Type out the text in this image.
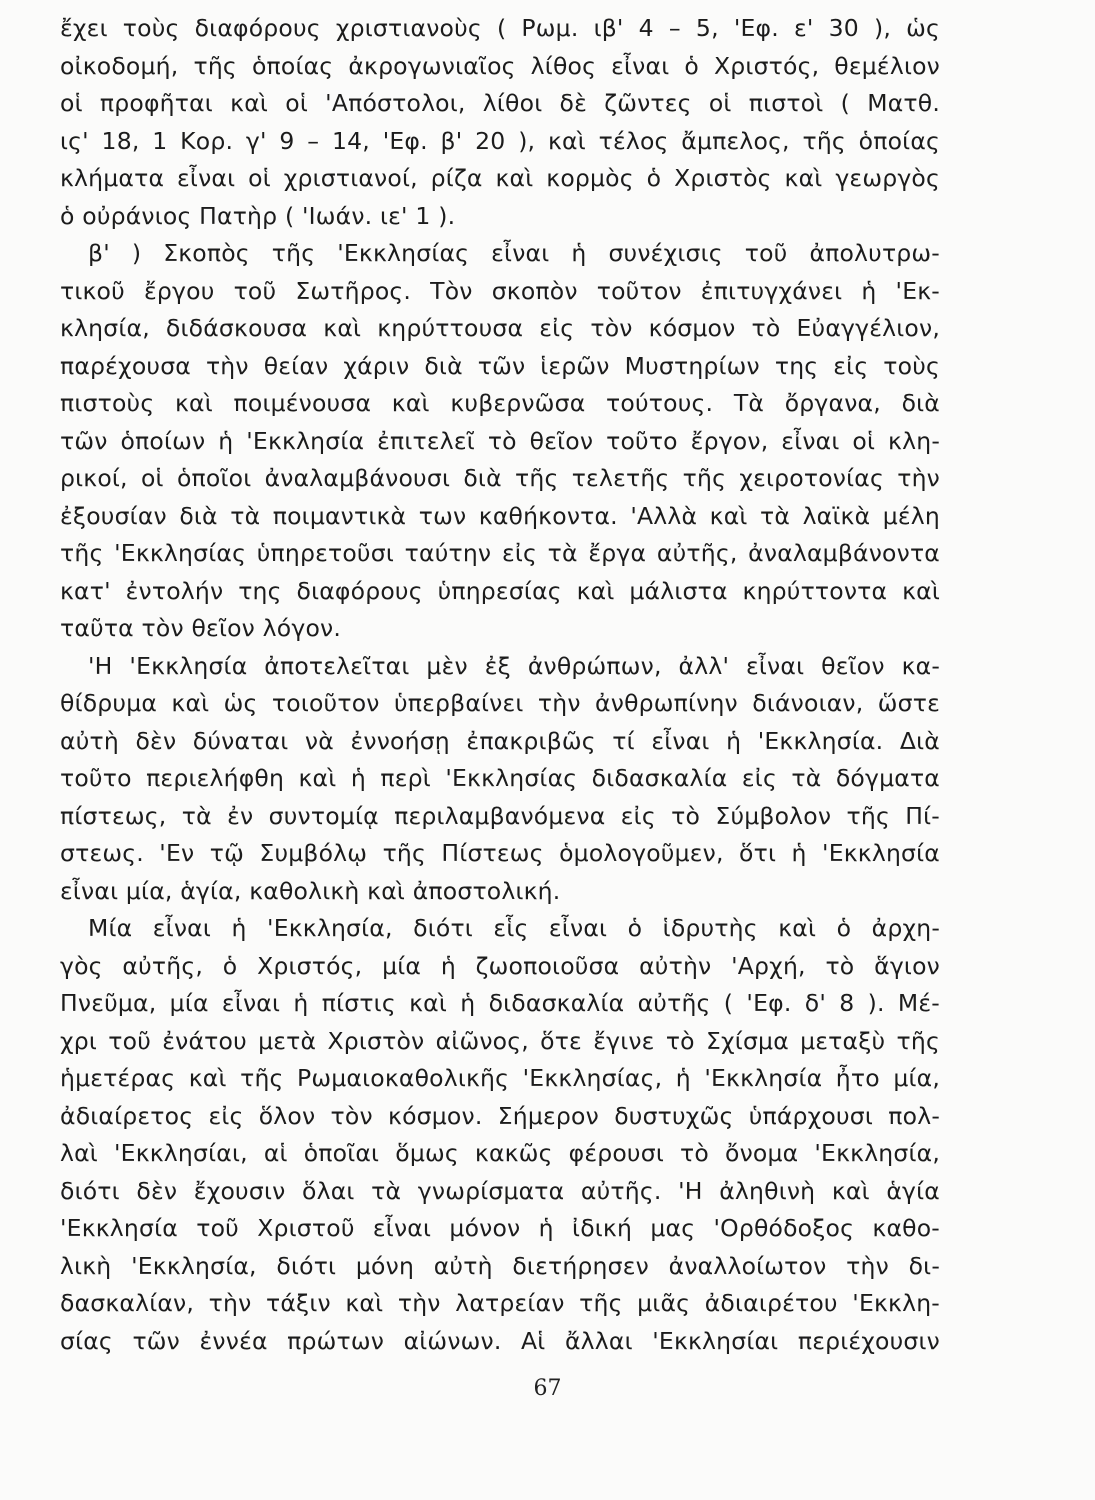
ἔχει τοὺς διαφόρους χριστιανοὺς ( Ρωμ. ιβ' 4 – 5, 'Εφ. ε' 30 ), ὡς
οἰκοδομή, τῆς ὁποίας ἀκρογωνιαῖος λίθος εἶναι ὁ Χριστός, θεμέλιον
οἱ προφῆται καὶ οἱ 'Απόστολοι, λίθοι δὲ ζῶντες οἱ πιστοὶ ( Ματθ.
ις' 18, 1 Κορ. γ' 9 – 14, 'Εφ. β' 20 ), καὶ τέλος ἄμπελος, τῆς ὁποίας
κλήματα εἶναι οἱ χριστιανοί, ρίζα καὶ κορμὸς ὁ Χριστὸς καὶ γεωργὸς
ὁ οὐράνιος Πατὴρ ( 'Ιωάν. ιε' 1 ).
β' ) Σκοπὸς τῆς 'Εκκλησίας εἶναι ἡ συνέχισις τοῦ ἀπολυτρω-
τικοῦ ἔργου τοῦ Σωτῆρος. Τὸν σκοπὸν τοῦτον ἐπιτυγχάνει ἡ 'Εκ-
κλησία, διδάσκουσα καὶ κηρύττουσα εἰς τὸν κόσμον τὸ Εὐαγγέλιον,
παρέχουσα τὴν θείαν χάριν διὰ τῶν ἱερῶν Μυστηρίων της εἰς τοὺς
πιστοὺς καὶ ποιμένουσα καὶ κυβερνῶσα τούτους. Τὰ ὄργανα, διὰ
τῶν ὁποίων ἡ 'Εκκλησία ἐπιτελεῖ τὸ θεῖον τοῦτο ἔργον, εἶναι οἱ κλη-
ρικοί, οἱ ὁποῖοι ἀναλαμβάνουσι διὰ τῆς τελετῆς τῆς χειροτονίας τὴν
ἐξουσίαν διὰ τὰ ποιμαντικὰ των καθήκοντα. 'Αλλὰ καὶ τὰ λαϊκὰ μέλη
τῆς 'Εκκλησίας ὑπηρετοῦσι ταύτην εἰς τὰ ἔργα αὐτῆς, ἀναλαμβάνοντα
κατ' ἐντολήν της διαφόρους ὑπηρεσίας καὶ μάλιστα κηρύττοντα καὶ
ταῦτα τὸν θεῖον λόγον.
'Η 'Εκκλησία ἀποτελεῖται μὲν ἐξ ἀνθρώπων, ἀλλ' εἶναι θεῖον κα-
θίδρυμα καὶ ὡς τοιοῦτον ὑπερβαίνει τὴν ἀνθρωπίνην διάνοιαν, ὥστε
αὐτὴ δὲν δύναται νὰ ἐννοήσῃ ἐπακριβῶς τί εἶναι ἡ 'Εκκλησία. Διὰ
τοῦτο περιελήφθη καὶ ἡ περὶ 'Εκκλησίας διδασκαλία εἰς τὰ δόγματα
πίστεως, τὰ ἐν συντομίᾳ περιλαμβανόμενα εἰς τὸ Σύμβολον τῆς Πί-
στεως. 'Εν τῷ Συμβόλῳ τῆς Πίστεως ὁμολογοῦμεν, ὅτι ἡ 'Εκκλησία
εἶναι μία, ἁγία, καθολικὴ καὶ ἀποστολική.
Μία εἶναι ἡ 'Εκκλησία, διότι εἷς εἶναι ὁ ἱδρυτὴς καὶ ὁ ἀρχη-
γὸς αὐτῆς, ὁ Χριστός, μία ἡ ζωοποιοῦσα αὐτὴν 'Αρχή, τὸ ἅγιον
Πνεῦμα, μία εἶναι ἡ πίστις καὶ ἡ διδασκαλία αὐτῆς ( 'Εφ. δ' 8 ). Μέ-
χρι τοῦ ἐνάτου μετὰ Χριστὸν αἰῶνος, ὅτε ἔγινε τὸ Σχίσμα μεταξὺ τῆς
ἡμετέρας καὶ τῆς Ρωμαιοκαθολικῆς 'Εκκλησίας, ἡ 'Εκκλησία ἦτο μία,
ἀδιαίρετος εἰς ὅλον τὸν κόσμον. Σήμερον δυστυχῶς ὑπάρχουσι πολ-
λαὶ 'Εκκλησίαι, αἱ ὁποῖαι ὅμως κακῶς φέρουσι τὸ ὄνομα 'Εκκλησία,
διότι δὲν ἔχουσιν ὅλαι τὰ γνωρίσματα αὐτῆς. 'Η ἀληθινὴ καὶ ἁγία
'Εκκλησία τοῦ Χριστοῦ εἶναι μόνον ἡ ἰδική μας 'Ορθόδοξος καθο-
λικὴ 'Εκκλησία, διότι μόνη αὐτὴ διετήρησεν ἀναλλοίωτον τὴν δι-
δασκαλίαν, τὴν τάξιν καὶ τὴν λατρείαν τῆς μιᾶς ἀδιαιρέτου 'Εκκλη-
σίας τῶν ἐννέα πρώτων αἰώνων. Αἱ ἄλλαι 'Εκκλησίαι περιέχουσιν
67
